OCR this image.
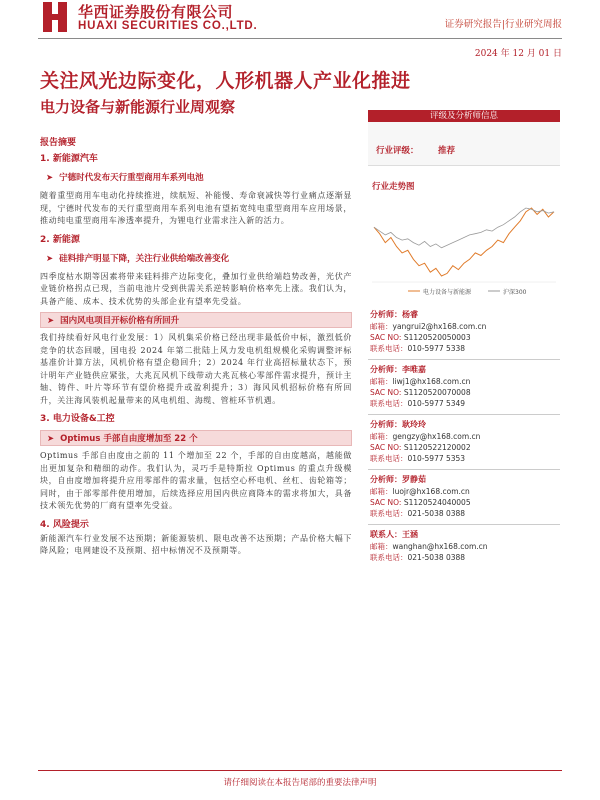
华西证券股份有限公司
HUAXI SECURITIES CO.,LTD.	证券研究报告|行业研究周报
2024 年 12 月 01 日
关注风光边际变化，人形机器人产业化推进
电力设备与新能源行业周观察
报告摘要
1. 新能源汽车
➤ 宁德时代发布天行重型商用车系列电池
随着重型商用车电动化持续推进，续航短、补能慢、寿命衰减快等行业痛点逐渐显现，宁德时代发布的天行重型商用车系列电池有望拓宽纯电重型商用车应用场景，推动纯电重型商用车渗透率提升，为锂电行业需求注入新的活力。
2. 新能源
➤ 硅料排产明显下降，关注行业供给端改善变化
四季度枯水期等因素将带来硅料排产边际变化，叠加行业供给端趋势改善，光伏产业链价格拐点已现，当前电池片受到供需关系逆转影响价格率先上涨。我们认为，具备产能、成本、技术优势的头部企业有望率先受益。
➤ 国内风电项目开标价格有所回升
我们持续看好风电行业发展：1）风机集采价格已经出现非最低价中标，激烈低价竞争的状态回暖，国电投 2024 年第二批陆上风力发电机组规模化采购调整评标基准价计算方法，风机价格有望企稳回升；2）2024 年行业高招标量状态下，预计明年产业链供应紧张，大兆瓦风机下线带动大兆瓦核心零部件需求提升，预计主轴、铸件、叶片等环节有望价格提升或盈利提升；3）海风风机招标价格有所回升，关注海风装机起量带来的风电机组、海缆、管桩环节机遇。
3. 电力设备&工控
➤ Optimus 手部自由度增加至 22 个
Optimus 手部自由度由之前的 11 个增加至 22 个，手部的自由度越高，越能做出更加复杂和精细的动作。我们认为，灵巧手是特斯拉 Optimus 的重点升级模块，自由度增加将提升应用零部件的需求量，包括空心杯电机、丝杠、齿轮箱等；同时，由于部零部件使用增加，后续选择应用国内供应商降本的需求将加大，具备技术领先优势的厂商有望率先受益。
4. 风险提示
新能源汽车行业发展不达预期；新能源装机、限电改善不达预期；产品价格大幅下降风险；电网建设不及预期、招中标情况不及预期等。
评级及分析师信息
行业评级： 推荐
行业走势图
电力设备与新能源	沪深300
分析师：杨睿
邮箱：yangrui2@hx168.com.cn
SAC NO: S1120520050003
联系电话：010-5977 5338
分析师：李唯嘉
邮箱：liwj1@hx168.com.cn
SAC NO: S1120520070008
联系电话：010-5977 5349
分析师：耿玲玲
邮箱：gengzy@hx168.com.cn
SAC NO: S1120522120002
联系电话：010-5977 5353
分析师：罗静茹
邮箱：luojr@hx168.com.cn
SAC NO: S1120524040005
联系电话：021-5038 0388
联系人：王涵
邮箱：wanghan@hx168.com.cn
联系电话：021-5038 0388
请仔细阅读在本报告尾部的重要法律声明
